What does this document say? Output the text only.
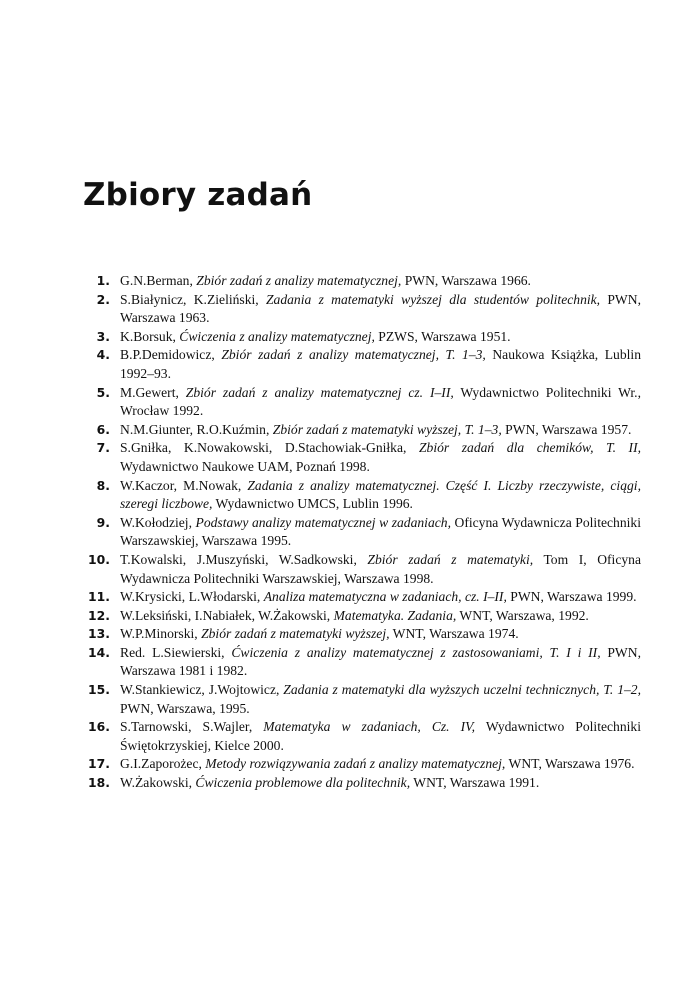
Zbiory zadań
1. G.N.Berman, Zbiór zadań z analizy matematycznej, PWN, Warszawa 1966.
2. S.Białynicz, K.Zieliński, Zadania z matematyki wyższej dla studentów politechnik, PWN, Warszawa 1963.
3. K.Borsuk, Ćwiczenia z analizy matematycznej, PZWS, Warszawa 1951.
4. B.P.Demidowicz, Zbiór zadań z analizy matematycznej, T. 1–3, Naukowa Książka, Lublin 1992–93.
5. M.Gewert, Zbiór zadań z analizy matematycznej cz. I–II, Wydawnictwo Politechniki Wr., Wrocław 1992.
6. N.M.Giunter, R.O.Kuźmin, Zbiór zadań z matematyki wyższej, T. 1–3, PWN, Warszawa 1957.
7. S.Gniłka, K.Nowakowski, D.Stachowiak-Gniłka, Zbiór zadań dla chemików, T. II, Wydawnictwo Naukowe UAM, Poznań 1998.
8. W.Kaczor, M.Nowak, Zadania z analizy matematycznej. Część I. Liczby rzeczywiste, ciągi, szeregi liczbowe, Wydawnictwo UMCS, Lublin 1996.
9. W.Kołodziej, Podstawy analizy matematycznej w zadaniach, Oficyna Wydawnicza Politechniki Warszawskiej, Warszawa 1995.
10. T.Kowalski, J.Muszyński, W.Sadkowski, Zbiór zadań z matematyki, Tom I, Oficyna Wydawnicza Politechniki Warszawskiej, Warszawa 1998.
11. W.Krysicki, L.Włodarski, Analiza matematyczna w zadaniach, cz. I–II, PWN, Warszawa 1999.
12. W.Leksiński, I.Nabiałek, W.Żakowski, Matematyka. Zadania, WNT, Warszawa, 1992.
13. W.P.Minorski, Zbiór zadań z matematyki wyższej, WNT, Warszawa 1974.
14. Red. L.Siewierski, Ćwiczenia z analizy matematycznej z zastosowaniami, T. I i II, PWN, Warszawa 1981 i 1982.
15. W.Stankiewicz, J.Wojtowicz, Zadania z matematyki dla wyższych uczelni technicznych, T. 1–2, PWN, Warszawa, 1995.
16. S.Tarnowski, S.Wajler, Matematyka w zadaniach, Cz. IV, Wydawnictwo Politechniki Świętokrzyskiej, Kielce 2000.
17. G.I.Zaporożec, Metody rozwiązywania zadań z analizy matematycznej, WNT, Warszawa 1976.
18. W.Żakowski, Ćwiczenia problemowe dla politechnik, WNT, Warszawa 1991.
